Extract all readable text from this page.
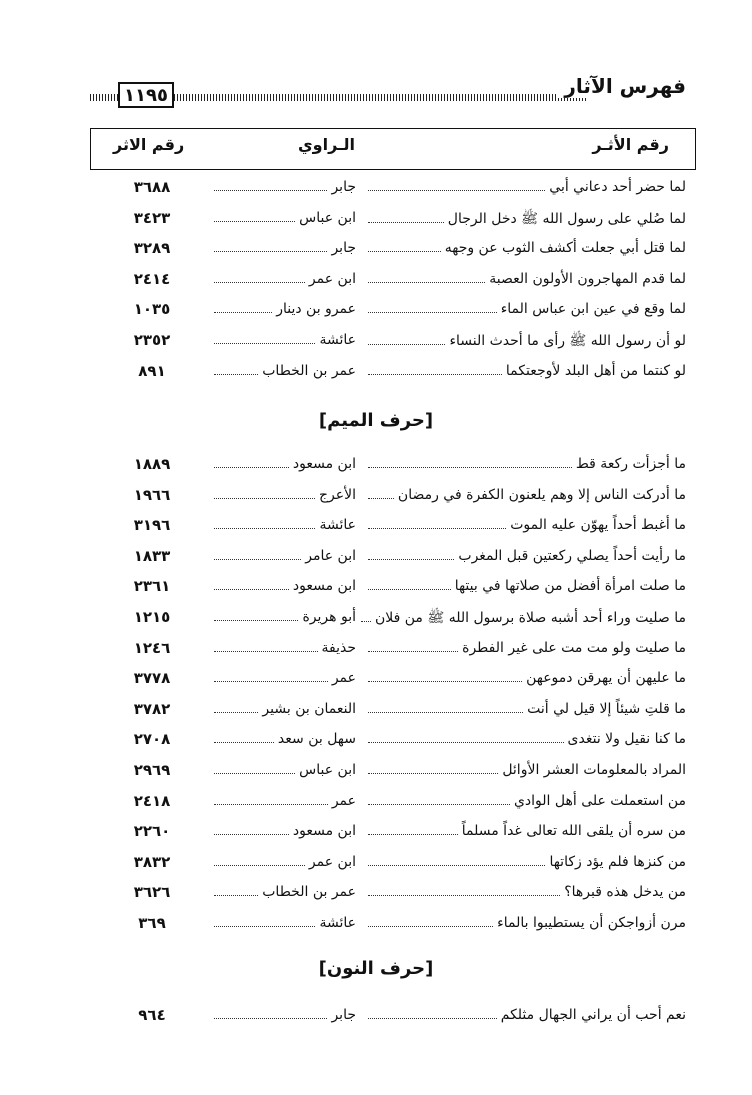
١١٩٥	فهرس الآثار
رقم الأثـر
الـراوي
رقم الاثر
لما حضر أحد دعاني أبي
جابر
٣٦٨٨
لما صُلي على رسول الله ﷺ دخل الرجال
ابن عباس
٣٤٢٣
لما قتل أبي جعلت أكشف الثوب عن وجهه
جابر
٣٢٨٩
لما قدم المهاجرون الأولون العصبة
ابن عمر
٢٤١٤
لما وقع في عين ابن عباس الماء
عمرو بن دينار
١٠٣٥
لو أن رسول الله ﷺ رأى ما أحدث النساء
عائشة
٢٣٥٢
لو كنتما من أهل البلد لأوجعتكما
عمر بن الخطاب
٨٩١
[حرف الميم]
ما أجزأت ركعة قط
ابن مسعود
١٨٨٩
ما أدركت الناس إلا وهم يلعنون الكفرة في رمضان
الأعرج
١٩٦٦
ما أغبط أحداً يهوّن عليه الموت
عائشة
٣١٩٦
ما رأيت أحداً يصلي ركعتين قبل المغرب
ابن عامر
١٨٣٣
ما صلت امرأة أفضل من صلاتها في بيتها
ابن مسعود
٢٣٦١
ما صليت وراء أحد أشبه صلاة برسول الله ﷺ من فلان
أبو هريرة
١٢١٥
ما صليت ولو مت مت على غير الفطرة
حذيفة
١٢٤٦
ما عليهن أن يهرقن دموعهن
عمر
٣٧٧٨
ما قلتِ شيئاً إلا قيل لي أنت
النعمان بن بشير
٣٧٨٢
ما كنا نقيل ولا نتغدى
سهل بن سعد
٢٧٠٨
المراد بالمعلومات العشر الأوائل
ابن عباس
٢٩٦٩
من استعملت على أهل الوادي
عمر
٢٤١٨
من سره أن يلقى الله تعالى غداً مسلماً
ابن مسعود
٢٢٦٠
من كنزها فلم يؤد زكاتها
ابن عمر
٣٨٣٢
من يدخل هذه قبرها؟
عمر بن الخطاب
٣٦٢٦
مرن أزواجكن أن يستطيبوا بالماء
عائشة
٣٦٩
[حرف النون]
نعم أحب أن يراني الجهال مثلكم
جابر
٩٦٤
